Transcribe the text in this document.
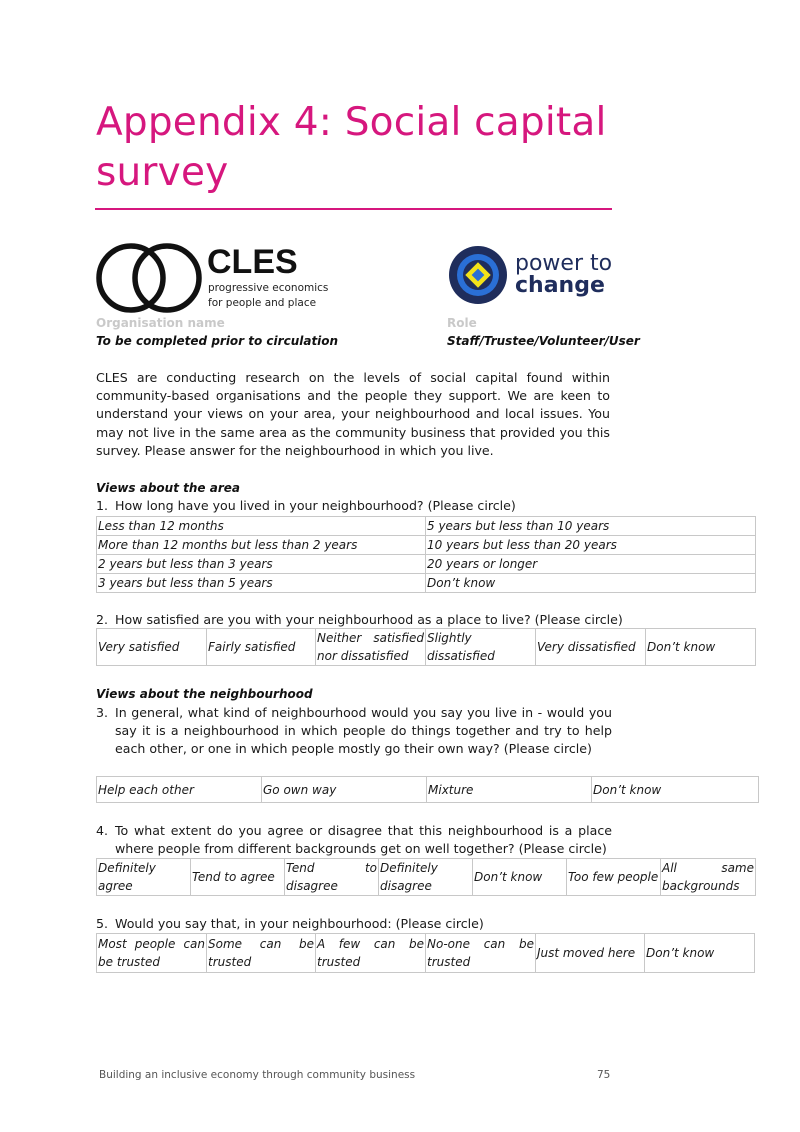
Appendix 4: Social capital survey
CLES
progressive economics
for people and place
power to
change
Organisation name
To be completed prior to circulation
Role
Staff/Trustee/Volunteer/User
CLES are conducting research on the levels of social capital found within community-based organisations and the people they support. We are keen to understand your views on your area, your neighbourhood and local issues. You may not live in the same area as the community business that provided you this survey. Please answer for the neighbourhood in which you live.
Views about the area
1. How long have you lived in your neighbourhood? (Please circle)
Less than 12 months	5 years but less than 10 years
More than 12 months but less than 2 years	10 years but less than 20 years
2 years but less than 3 years	20 years or longer
3 years but less than 5 years	Don’t know
2. How satisfied are you with your neighbourhood as a place to live? (Please circle)
Very satisfied	Fairly satisfied	Neither satisfied nor dissatisfied	Slightly dissatisfied	Very dissatisfied	Don’t know
Views about the neighbourhood
3. In general, what kind of neighbourhood would you say you live in - would you say it is a neighbourhood in which people do things together and try to help each other, or one in which people mostly go their own way? (Please circle)
Help each other	Go own way	Mixture	Don’t know
4. To what extent do you agree or disagree that this neighbourhood is a place where people from different backgrounds get on well together? (Please circle)
Definitely agree	Tend to agree	Tend to disagree	Definitely disagree	Don’t know	Too few people	All same backgrounds
5. Would you say that, in your neighbourhood: (Please circle)
Most people can be trusted	Some can be trusted	A few can be trusted	No-one can be trusted	Just moved here	Don’t know
Building an inclusive economy through community business	75
